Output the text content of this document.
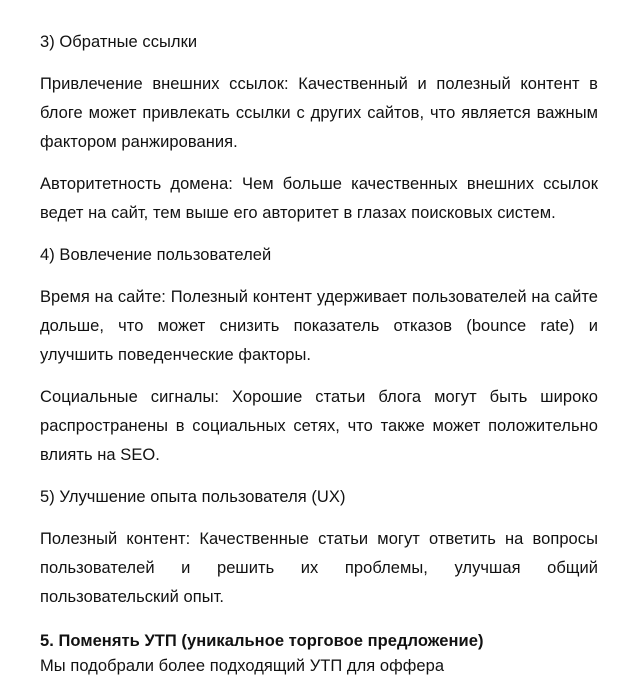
3) Обратные ссылки

Привлечение внешних ссылок: Качественный и полезный контент в блоге может привлекать ссылки с других сайтов, что является важным фактором ранжирования.

Авторитетность домена: Чем больше качественных внешних ссылок ведет на сайт, тем выше его авторитет в глазах поисковых систем.

4) Вовлечение пользователей

Время на сайте: Полезный контент удерживает пользователей на сайте дольше, что может снизить показатель отказов (bounce rate) и улучшить поведенческие факторы.

Социальные сигналы: Хорошие статьи блога могут быть широко распространены в социальных сетях, что также может положительно влиять на SEO.

5) Улучшение опыта пользователя (UX)

Полезный контент: Качественные статьи могут ответить на вопросы пользователей и решить их проблемы, улучшая общий пользовательский опыт.

5. Поменять УТП (уникальное торговое предложение)

Мы подобрали более подходящий УТП для оффера
